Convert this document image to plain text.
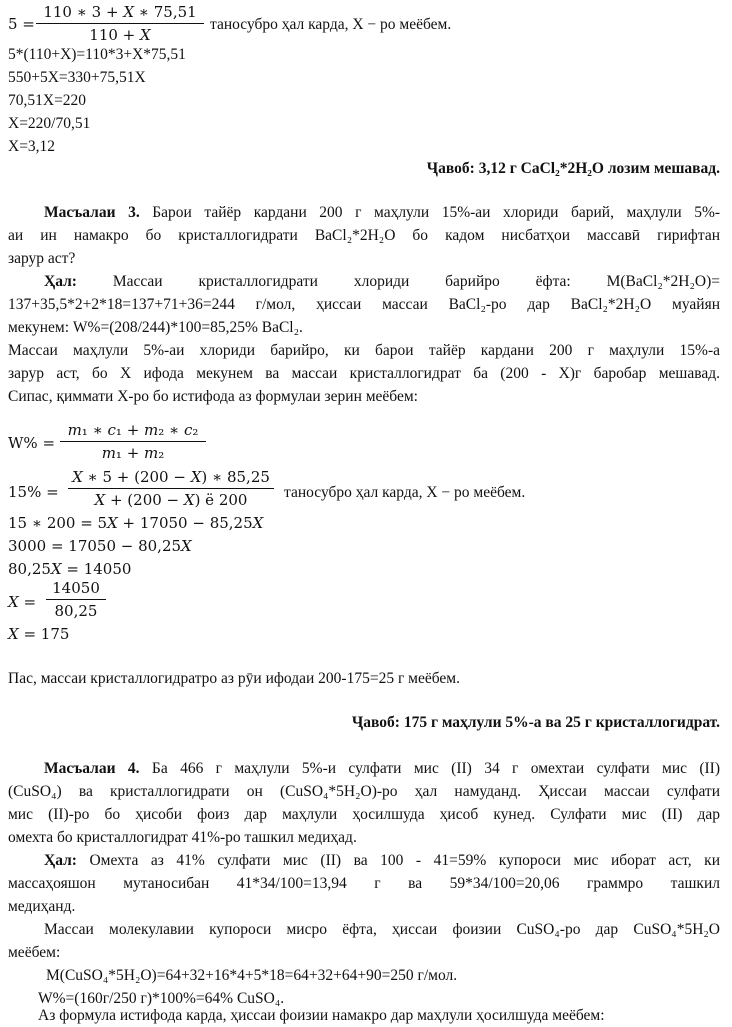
5 =
110 ∗ 3 + 𝑋 ∗ 75,51
110 + 𝑋
таносубро ҳал карда, X − ро меёбем.
5*(110+X)=110*3+X*75,51
550+5X=330+75,51X
70,51X=220
X=220/70,51
X=3,12
Ҷавоб: 3,12 г CaCl₂*2H₂O лозим мешавад.
Масъалаи 3. Барои тайёр кардани 200 г маҳлули 15%-аи хлориди барий, маҳлули 5%-
аи ин намакро бо кристаллогидрати BaCl₂*2H₂O бо кадом нисбатҳои массавӣ гирифтан
зарур аст?
Ҳал: Массаи кристаллогидрати хлориди барийро ёфта: M(BaCl₂*2H₂O)=
137+35,5*2+2*18=137+71+36=244 г/мол, ҳиссаи массаи BaCl₂-ро дар BaCl₂*2H₂O муайян
мекунем: W%=(208/244)*100=85,25% BaCl₂.
Массаи маҳлули 5%-аи хлориди барийро, ки барои тайёр кардани 200 г маҳлули 15%-а
зарур аст, бо X ифода мекунем ва массаи кристаллогидрат ба (200 - X)г баробар мешавад.
Сипас, қиммати X-ро бо истифода аз формулаи зерин меёбем:
W% =
𝑚₁ ∗ 𝑐₁ + 𝑚₂ ∗ 𝑐₂
𝑚₁ + 𝑚₂
15% =
𝑋 ∗ 5 + (200 − 𝑋) ∗ 85,25
𝑋 + (200 − 𝑋) ё 200	таносубро ҳал карда, X − ро меёбем.
15 ∗ 200 = 5𝑋 + 17050 − 85,25𝑋
3000 = 17050 − 80,25𝑋
80,25𝑋 = 14050
𝑋 =
14050
80,25
𝑋 = 175
Пас, массаи кристаллогидратро аз рӯи ифодаи 200-175=25 г меёбем.
Ҷавоб: 175 г маҳлули 5%-а ва 25 г кристаллогидрат.
Масъалаи 4. Ба 466 г маҳлули 5%-и сулфати мис (II) 34 г омехтаи сулфати мис (II)
(CuSO₄) ва кристаллогидрати он (CuSO₄*5H₂O)-ро ҳал намуданд. Ҳиссаи массаи сулфати
мис (II)-ро бо ҳисоби фоиз дар маҳлули ҳосилшуда ҳисоб кунед. Сулфати мис (II) дар
омехта бо кристаллогидрат 41%-ро ташкил медиҳад.
Ҳал: Омехта аз 41% сулфати мис (II) ва 100 - 41=59% купороси мис иборат аст, ки
массаҳояшон мутаносибан 41*34/100=13,94 г ва 59*34/100=20,06 граммро ташкил
медиҳанд.
Массаи молекулавии купороси мисро ёфта, ҳиссаи фоизии CuSO₄-ро дар CuSO₄*5H₂O
меёбем:
M(CuSO₄*5H₂O)=64+32+16*4+5*18=64+32+64+90=250 г/мол.
W%=(160г/250 г)*100%=64% CuSO₄.
Аз формула истифода карда, ҳиссаи фоизии намакро дар маҳлули ҳосилшуда меёбем:
